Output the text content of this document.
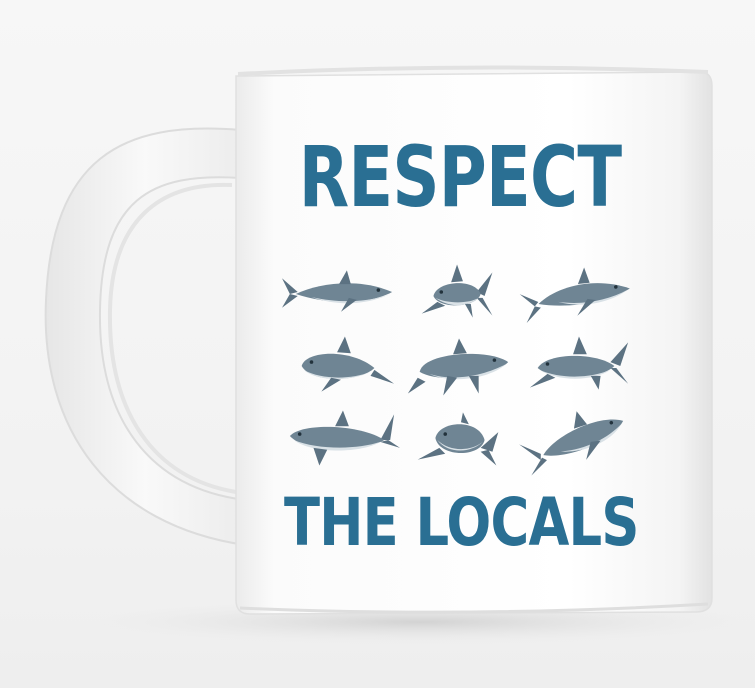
RESPECT
THE LOCALS
